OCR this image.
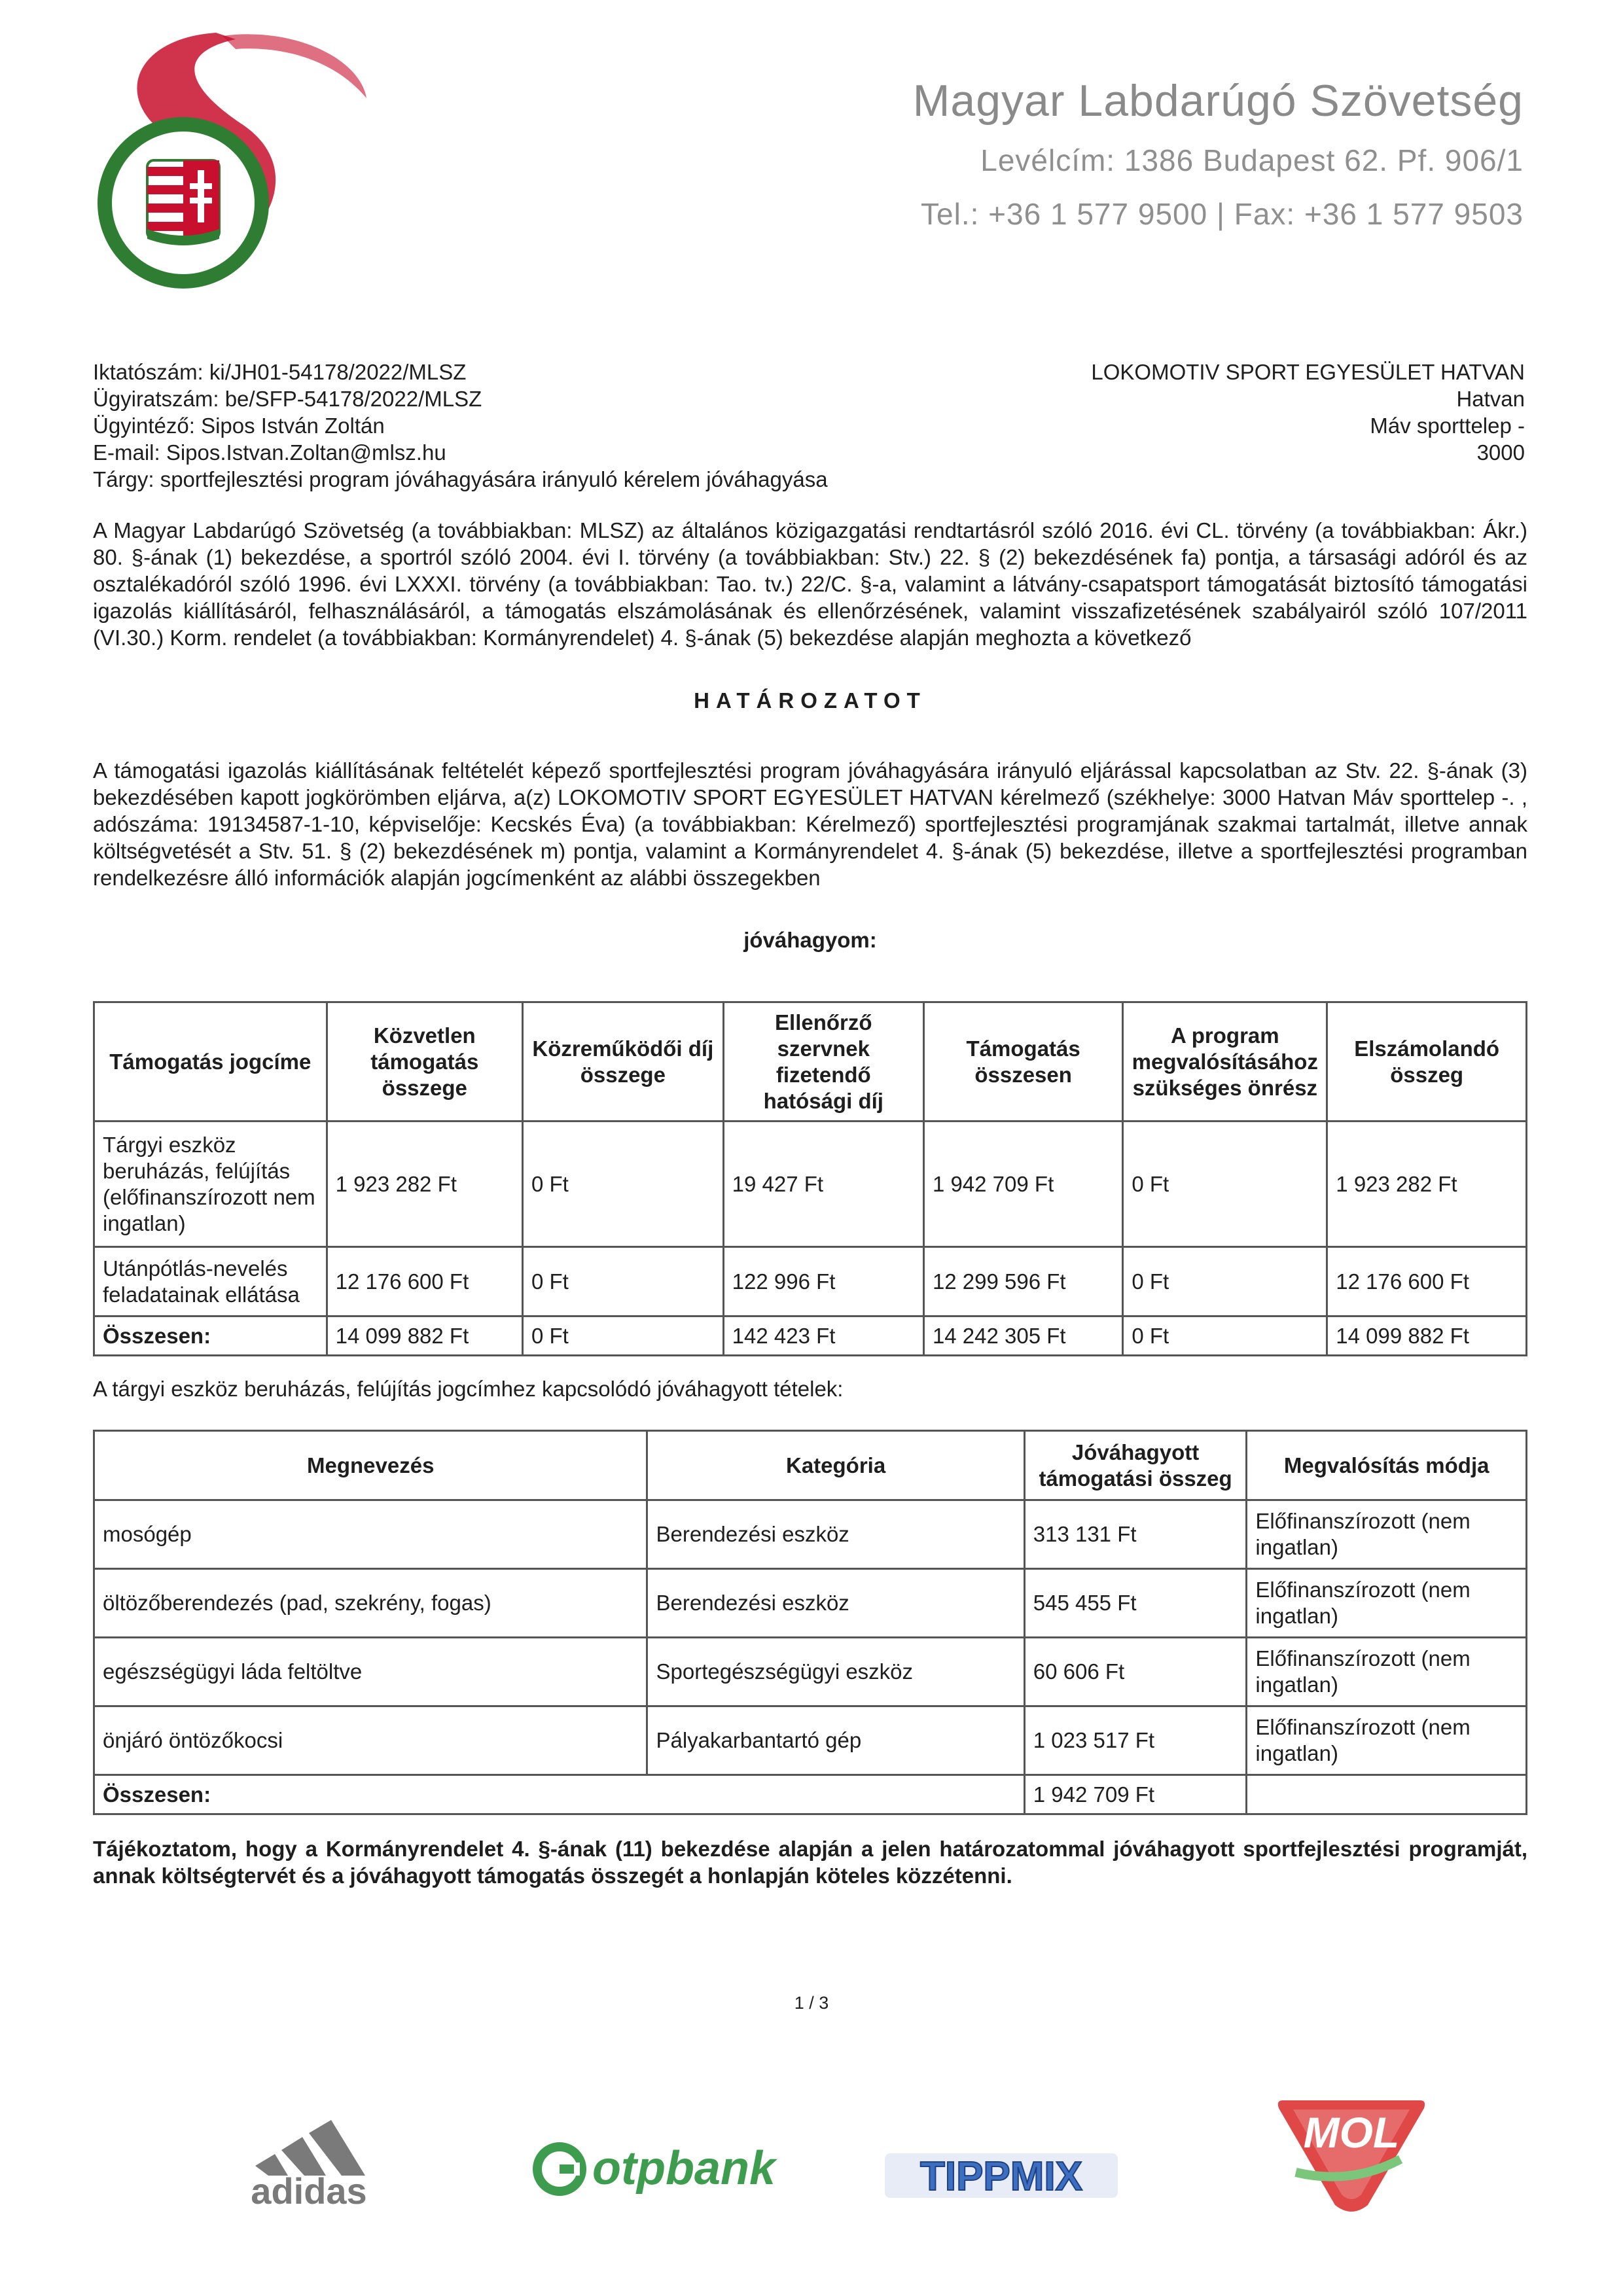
1901
Magyar Labdarúgó Szövetség
Levélcím: 1386 Budapest 62. Pf. 906/1
Tel.: +36 1 577 9500 | Fax: +36 1 577 9503
Iktatószám: ki/JH01-54178/2022/MLSZ
Ügyiratszám: be/SFP-54178/2022/MLSZ
Ügyintéző: Sipos István Zoltán
E-mail: Sipos.Istvan.Zoltan@mlsz.hu
Tárgy: sportfejlesztési program jóváhagyására irányuló kérelem jóváhagyása
LOKOMOTIV SPORT EGYESÜLET HATVAN
Hatvan
Máv sporttelep -
3000
A Magyar Labdarúgó Szövetség (a továbbiakban: MLSZ) az általános közigazgatási rendtartásról szóló 2016. évi CL. törvény (a továbbiakban: Ákr.) 80. §-ának (1) bekezdése, a sportról szóló 2004. évi I. törvény (a továbbiakban: Stv.) 22. § (2) bekezdésének fa) pontja, a társasági adóról és az osztalékadóról szóló 1996. évi LXXXI. törvény (a továbbiakban: Tao. tv.) 22/C. §-a, valamint a látvány-csapatsport támogatását biztosító támogatási igazolás kiállításáról, felhasználásáról, a támogatás elszámolásának és ellenőrzésének, valamint visszafizetésének szabályairól szóló 107/2011 (VI.30.) Korm. rendelet (a továbbiakban: Kormányrendelet) 4. §-ának (5) bekezdése alapján meghozta a következő
HATÁROZATOT
A támogatási igazolás kiállításának feltételét képező sportfejlesztési program jóváhagyására irányuló eljárással kapcsolatban az Stv. 22. §-ának (3) bekezdésében kapott jogkörömben eljárva, a(z) LOKOMOTIV SPORT EGYESÜLET HATVAN kérelmező (székhelye: 3000 Hatvan Máv sporttelep -. , adószáma: 19134587-1-10, képviselője: Kecskés Éva) (a továbbiakban: Kérelmező) sportfejlesztési programjának szakmai tartalmát, illetve annak költségvetését a Stv. 51. § (2) bekezdésének m) pontja, valamint a Kormányrendelet 4. §-ának (5) bekezdése, illetve a sportfejlesztési programban rendelkezésre álló információk alapján jogcímenként az alábbi összegekben
jóváhagyom:
Támogatás jogcíme	Közvetlen támogatás összege	Közreműködői díj összege	Ellenőrző szervnek fizetendő hatósági díj	Támogatás összesen	A program megvalósításához szükséges önrész	Elszámolandó összeg
Tárgyi eszköz beruházás, felújítás (előfinanszírozott nem ingatlan)	1 923 282 Ft	0 Ft	19 427 Ft	1 942 709 Ft	0 Ft	1 923 282 Ft
Utánpótlás-nevelés feladatainak ellátása	12 176 600 Ft	0 Ft	122 996 Ft	12 299 596 Ft	0 Ft	12 176 600 Ft
Összesen:	14 099 882 Ft	0 Ft	142 423 Ft	14 242 305 Ft	0 Ft	14 099 882 Ft
A tárgyi eszköz beruházás, felújítás jogcímhez kapcsolódó jóváhagyott tételek:
Megnevezés	Kategória	Jóváhagyott támogatási összeg	Megvalósítás módja
mosógép	Berendezési eszköz	313 131 Ft	Előfinanszírozott (nem ingatlan)
öltözőberendezés (pad, szekrény, fogas)	Berendezési eszköz	545 455 Ft	Előfinanszírozott (nem ingatlan)
egészségügyi láda feltöltve	Sportegészségügyi eszköz	60 606 Ft	Előfinanszírozott (nem ingatlan)
önjáró öntözőkocsi	Pályakarbantartó gép	1 023 517 Ft	Előfinanszírozott (nem ingatlan)
Összesen:		1 942 709 Ft	
Tájékoztatom, hogy a Kormányrendelet 4. §-ának (11) bekezdése alapján a jelen határozatommal jóváhagyott sportfejlesztési programját, annak költségtervét és a jóváhagyott támogatás összegét a honlapján köteles közzétenni.
1 / 3
adidas	otpbank	TIPPMIX
MOL
